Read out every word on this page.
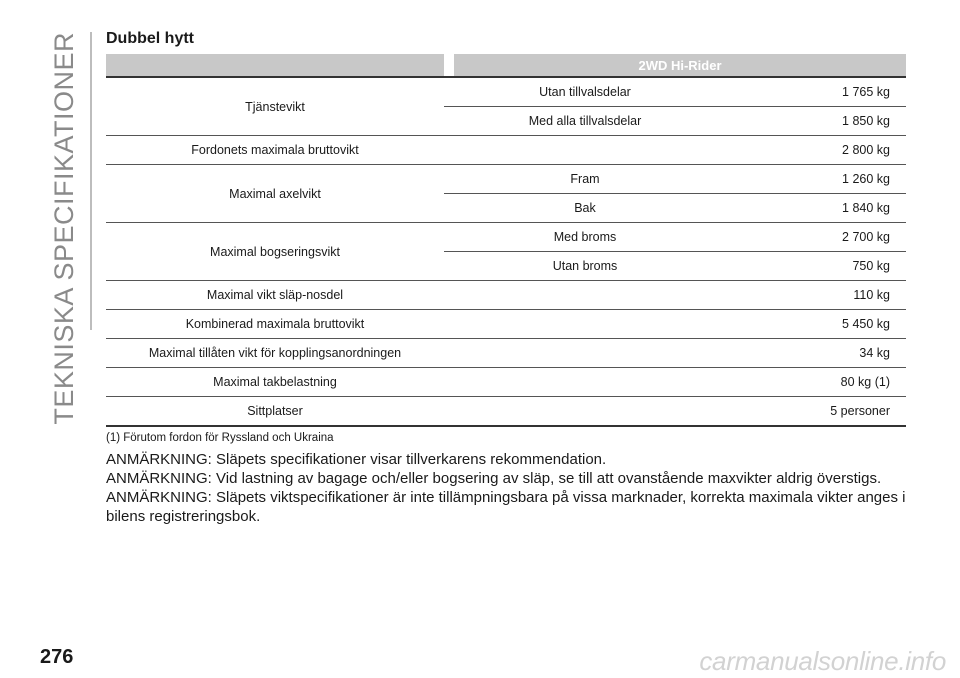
TEKNISKA SPECIFIKATIONER	Dubbel hytt
		2WD Hi-Rider	
Tjänstevikt		Utan tillvalsdelar	1 765 kg
		Med alla tillvalsdelar	1 850 kg
Fordonets maximala bruttovikt			2 800 kg
Maximal axelvikt		Fram	1 260 kg
		Bak	1 840 kg
Maximal bogseringsvikt		Med broms	2 700 kg
		Utan broms	750 kg
Maximal vikt släp-nosdel			110 kg
Kombinerad maximala bruttovikt			5 450 kg
Maximal tillåten vikt för kopplingsanordningen			34 kg
Maximal takbelastning			80 kg (1)
Sittplatser			5 personer
(1) Förutom fordon för Ryssland och Ukraina

ANMÄRKNING: Släpets specifikationer visar tillverkarens rekommendation.

ANMÄRKNING: Vid lastning av bagage och/eller bogsering av släp, se till att ovanstående maxvikter aldrig överstigs.

ANMÄRKNING: Släpets viktspecifikationer är inte tillämpningsbara på vissa marknader, korrekta maximala vikter anges i bilens registreringsbok.

276	carmanualsonline.info
